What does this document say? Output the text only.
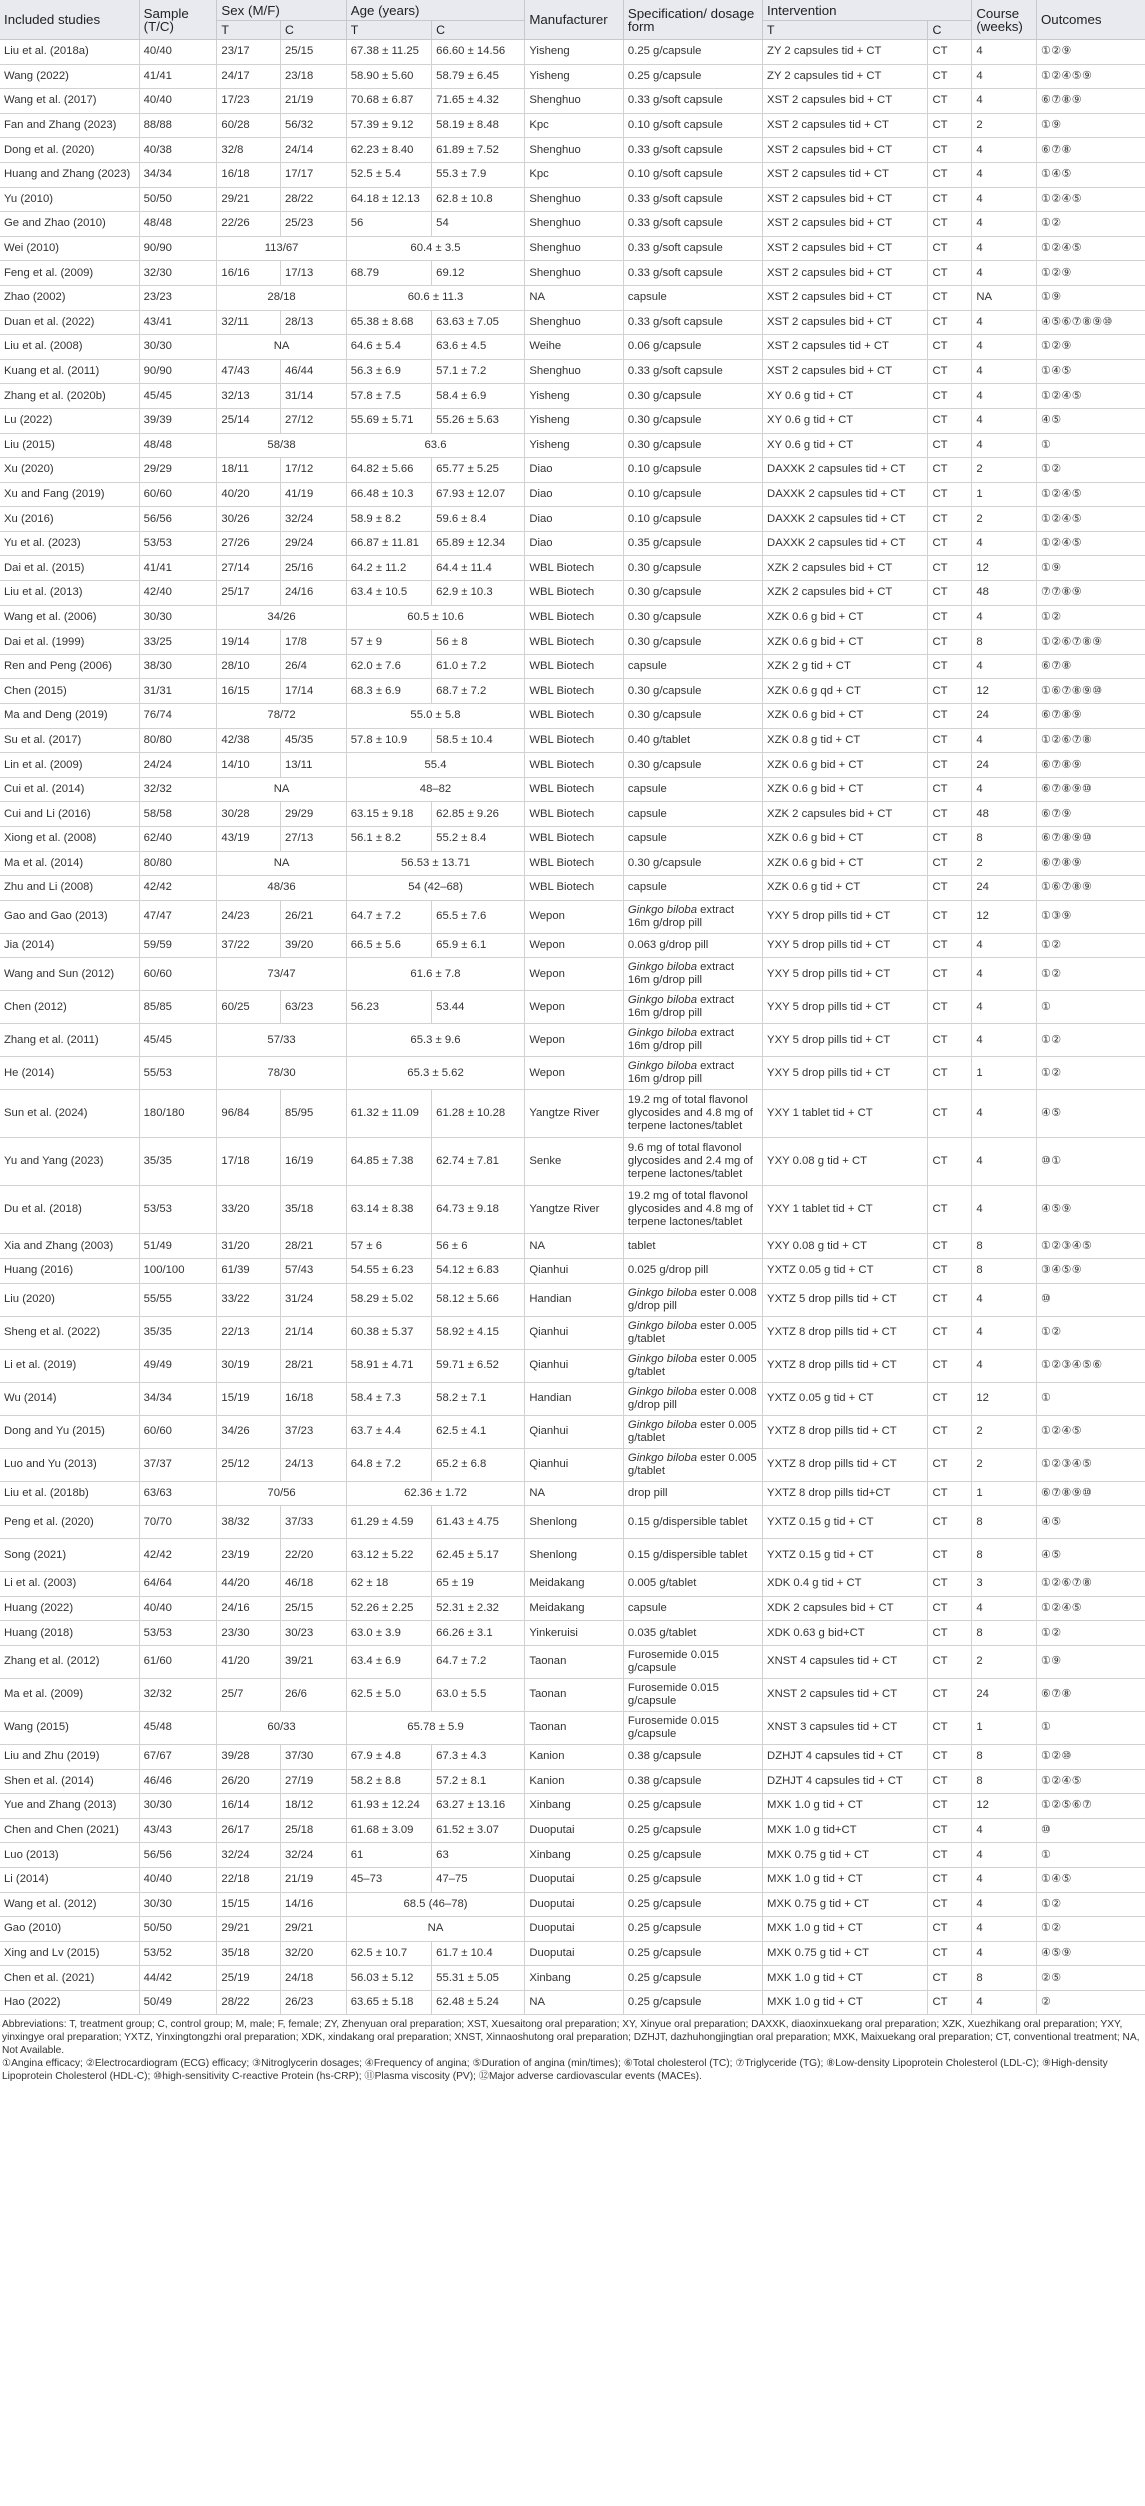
Included studies	Sample (T/C)	Sex (M/F)		Age (years)		Manufacturer	Specification/ dosage form	Intervention		Course (weeks)	Outcomes
		T	C	T	C			T	C		
Liu et al. (2018a)	40/40	23/17	25/15	67.38 ± 11.25	66.60 ± 14.56	Yisheng	0.25 g/capsule	ZY 2 capsules tid + CT	CT	4	①②⑨
Wang (2022)	41/41	24/17	23/18	58.90 ± 5.60	58.79 ± 6.45	Yisheng	0.25 g/capsule	ZY 2 capsules tid + CT	CT	4	①②④⑤⑨
Wang et al. (2017)	40/40	17/23	21/19	70.68 ± 6.87	71.65 ± 4.32	Shenghuo	0.33 g/soft capsule	XST 2 capsules bid + CT	CT	4	⑥⑦⑧⑨
Fan and Zhang (2023)	88/88	60/28	56/32	57.39 ± 9.12	58.19 ± 8.48	Kpc	0.10 g/soft capsule	XST 2 capsules tid + CT	CT	2	①⑨
Dong et al. (2020)	40/38	32/8	24/14	62.23 ± 8.40	61.89 ± 7.52	Shenghuo	0.33 g/soft capsule	XST 2 capsules bid + CT	CT	4	⑥⑦⑧
Huang and Zhang (2023)	34/34	16/18	17/17	52.5 ± 5.4	55.3 ± 7.9	Kpc	0.10 g/soft capsule	XST 2 capsules tid + CT	CT	4	①④⑤
Yu (2010)	50/50	29/21	28/22	64.18 ± 12.13	62.8 ± 10.8	Shenghuo	0.33 g/soft capsule	XST 2 capsules bid + CT	CT	4	①②④⑤
Ge and Zhao (2010)	48/48	22/26	25/23	56	54	Shenghuo	0.33 g/soft capsule	XST 2 capsules bid + CT	CT	4	①②
Wei (2010)	90/90	113/67		60.4 ± 3.5		Shenghuo	0.33 g/soft capsule	XST 2 capsules bid + CT	CT	4	①②④⑤
Feng et al. (2009)	32/30	16/16	17/13	68.79	69.12	Shenghuo	0.33 g/soft capsule	XST 2 capsules bid + CT	CT	4	①②⑨
Zhao (2002)	23/23	28/18		60.6 ± 11.3		NA	capsule	XST 2 capsules bid + CT	CT	NA	①⑨
Duan et al. (2022)	43/41	32/11	28/13	65.38 ± 8.68	63.63 ± 7.05	Shenghuo	0.33 g/soft capsule	XST 2 capsules bid + CT	CT	4	④⑤⑥⑦⑧⑨⑩
Liu et al. (2008)	30/30	NA		64.6 ± 5.4	63.6 ± 4.5	Weihe	0.06 g/capsule	XST 2 capsules tid + CT	CT	4	①②⑨
Kuang et al. (2011)	90/90	47/43	46/44	56.3 ± 6.9	57.1 ± 7.2	Shenghuo	0.33 g/soft capsule	XST 2 capsules bid + CT	CT	4	①④⑤
Zhang et al. (2020b)	45/45	32/13	31/14	57.8 ± 7.5	58.4 ± 6.9	Yisheng	0.30 g/capsule	XY 0.6 g tid + CT	CT	4	①②④⑤
Lu (2022)	39/39	25/14	27/12	55.69 ± 5.71	55.26 ± 5.63	Yisheng	0.30 g/capsule	XY 0.6 g tid + CT	CT	4	④⑤
Liu (2015)	48/48	58/38		63.6		Yisheng	0.30 g/capsule	XY 0.6 g tid + CT	CT	4	①
Xu (2020)	29/29	18/11	17/12	64.82 ± 5.66	65.77 ± 5.25	Diao	0.10 g/capsule	DAXXK 2 capsules tid + CT	CT	2	①②
Xu and Fang (2019)	60/60	40/20	41/19	66.48 ± 10.3	67.93 ± 12.07	Diao	0.10 g/capsule	DAXXK 2 capsules tid + CT	CT	1	①②④⑤
Xu (2016)	56/56	30/26	32/24	58.9 ± 8.2	59.6 ± 8.4	Diao	0.10 g/capsule	DAXXK 2 capsules tid + CT	CT	2	①②④⑤
Yu et al. (2023)	53/53	27/26	29/24	66.87 ± 11.81	65.89 ± 12.34	Diao	0.35 g/capsule	DAXXK 2 capsules tid + CT	CT	4	①②④⑤
Dai et al. (2015)	41/41	27/14	25/16	64.2 ± 11.2	64.4 ± 11.4	WBL Biotech	0.30 g/capsule	XZK 2 capsules bid + CT	CT	12	①⑨
Liu et al. (2013)	42/40	25/17	24/16	63.4 ± 10.5	62.9 ± 10.3	WBL Biotech	0.30 g/capsule	XZK 2 capsules bid + CT	CT	48	⑦⑦⑧⑨
Wang et al. (2006)	30/30	34/26		60.5 ± 10.6		WBL Biotech	0.30 g/capsule	XZK 0.6 g bid + CT	CT	4	①②
Dai et al. (1999)	33/25	19/14	17/8	57 ± 9	56 ± 8	WBL Biotech	0.30 g/capsule	XZK 0.6 g bid + CT	CT	8	①②⑥⑦⑧⑨
Ren and Peng (2006)	38/30	28/10	26/4	62.0 ± 7.6	61.0 ± 7.2	WBL Biotech	capsule	XZK 2 g tid + CT	CT	4	⑥⑦⑧
Chen (2015)	31/31	16/15	17/14	68.3 ± 6.9	68.7 ± 7.2	WBL Biotech	0.30 g/capsule	XZK 0.6 g qd + CT	CT	12	①⑥⑦⑧⑨⑩
Ma and Deng (2019)	76/74	78/72		55.0 ± 5.8		WBL Biotech	0.30 g/capsule	XZK 0.6 g bid + CT	CT	24	⑥⑦⑧⑨
Su et al. (2017)	80/80	42/38	45/35	57.8 ± 10.9	58.5 ± 10.4	WBL Biotech	0.40 g/tablet	XZK 0.8 g tid + CT	CT	4	①②⑥⑦⑧
Lin et al. (2009)	24/24	14/10	13/11	55.4		WBL Biotech	0.30 g/capsule	XZK 0.6 g bid + CT	CT	24	⑥⑦⑧⑨
Cui et al. (2014)	32/32	NA		48–82		WBL Biotech	capsule	XZK 0.6 g bid + CT	CT	4	⑥⑦⑧⑨⑩
Cui and Li (2016)	58/58	30/28	29/29	63.15 ± 9.18	62.85 ± 9.26	WBL Biotech	capsule	XZK 2 capsules bid + CT	CT	48	⑥⑦⑨
Xiong et al. (2008)	62/40	43/19	27/13	56.1 ± 8.2	55.2 ± 8.4	WBL Biotech	capsule	XZK 0.6 g bid + CT	CT	8	⑥⑦⑧⑨⑩
Ma et al. (2014)	80/80	NA		56.53 ± 13.71		WBL Biotech	0.30 g/capsule	XZK 0.6 g bid + CT	CT	2	⑥⑦⑧⑨
Zhu and Li (2008)	42/42	48/36		54 (42–68)		WBL Biotech	capsule	XZK 0.6 g tid + CT	CT	24	①⑥⑦⑧⑨
Gao and Gao (2013)	47/47	24/23	26/21	64.7 ± 7.2	65.5 ± 7.6	Wepon	Ginkgo biloba extract 16m g/drop pill	YXY 5 drop pills tid + CT	CT	12	①③⑨
Jia (2014)	59/59	37/22	39/20	66.5 ± 5.6	65.9 ± 6.1	Wepon	0.063 g/drop pill	YXY 5 drop pills tid + CT	CT	4	①②
Wang and Sun (2012)	60/60	73/47		61.6 ± 7.8		Wepon	Ginkgo biloba extract 16m g/drop pill	YXY 5 drop pills tid + CT	CT	4	①②
Chen (2012)	85/85	60/25	63/23	56.23	53.44	Wepon	Ginkgo biloba extract 16m g/drop pill	YXY 5 drop pills tid + CT	CT	4	①
Zhang et al. (2011)	45/45	57/33		65.3 ± 9.6		Wepon	Ginkgo biloba extract 16m g/drop pill	YXY 5 drop pills tid + CT	CT	4	①②
He (2014)	55/53	78/30		65.3 ± 5.62		Wepon	Ginkgo biloba extract 16m g/drop pill	YXY 5 drop pills tid + CT	CT	1	①②
Sun et al. (2024)	180/180	96/84	85/95	61.32 ± 11.09	61.28 ± 10.28	Yangtze River	19.2 mg of total flavonol glycosides and 4.8 mg of terpene lactones/tablet	YXY 1 tablet tid + CT	CT	4	④⑤
Yu and Yang (2023)	35/35	17/18	16/19	64.85 ± 7.38	62.74 ± 7.81	Senke	9.6 mg of total flavonol glycosides and 2.4 mg of terpene lactones/tablet	YXY 0.08 g tid + CT	CT	4	⑩①
Du et al. (2018)	53/53	33/20	35/18	63.14 ± 8.38	64.73 ± 9.18	Yangtze River	19.2 mg of total flavonol glycosides and 4.8 mg of terpene lactones/tablet	YXY 1 tablet tid + CT	CT	4	④⑤⑨
Xia and Zhang (2003)	51/49	31/20	28/21	57 ± 6	56 ± 6	NA	tablet	YXY 0.08 g tid + CT	CT	8	①②③④⑤
Huang (2016)	100/100	61/39	57/43	54.55 ± 6.23	54.12 ± 6.83	Qianhui	0.025 g/drop pill	YXTZ 0.05 g tid + CT	CT	8	③④⑤⑨
Liu (2020)	55/55	33/22	31/24	58.29 ± 5.02	58.12 ± 5.66	Handian	Ginkgo biloba ester 0.008 g/drop pill	YXTZ 5 drop pills tid + CT	CT	4	⑩
Sheng et al. (2022)	35/35	22/13	21/14	60.38 ± 5.37	58.92 ± 4.15	Qianhui	Ginkgo biloba ester 0.005 g/tablet	YXTZ 8 drop pills tid + CT	CT	4	①②
Li et al. (2019)	49/49	30/19	28/21	58.91 ± 4.71	59.71 ± 6.52	Qianhui	Ginkgo biloba ester 0.005 g/tablet	YXTZ 8 drop pills tid + CT	CT	4	①②③④⑤⑥
Wu (2014)	34/34	15/19	16/18	58.4 ± 7.3	58.2 ± 7.1	Handian	Ginkgo biloba ester 0.008 g/drop pill	YXTZ 0.05 g tid + CT	CT	12	①
Dong and Yu (2015)	60/60	34/26	37/23	63.7 ± 4.4	62.5 ± 4.1	Qianhui	Ginkgo biloba ester 0.005 g/tablet	YXTZ 8 drop pills tid + CT	CT	2	①②④⑤
Luo and Yu (2013)	37/37	25/12	24/13	64.8 ± 7.2	65.2 ± 6.8	Qianhui	Ginkgo biloba ester 0.005 g/tablet	YXTZ 8 drop pills tid + CT	CT	2	①②③④⑤
Liu et al. (2018b)	63/63	70/56		62.36 ± 1.72		NA	drop pill	YXTZ 8 drop pills tid+CT	CT	1	⑥⑦⑧⑨⑩
Peng et al. (2020)	70/70	38/32	37/33	61.29 ± 4.59	61.43 ± 4.75	Shenlong	0.15 g/dispersible tablet	YXTZ 0.15 g tid + CT	CT	8	④⑤
Song (2021)	42/42	23/19	22/20	63.12 ± 5.22	62.45 ± 5.17	Shenlong	0.15 g/dispersible tablet	YXTZ 0.15 g tid + CT	CT	8	④⑤
Li et al. (2003)	64/64	44/20	46/18	62 ± 18	65 ± 19	Meidakang	0.005 g/tablet	XDK 0.4 g tid + CT	CT	3	①②⑥⑦⑧
Huang (2022)	40/40	24/16	25/15	52.26 ± 2.25	52.31 ± 2.32	Meidakang	capsule	XDK 2 capsules bid + CT	CT	4	①②④⑤
Huang (2018)	53/53	23/30	30/23	63.0 ± 3.9	66.26 ± 3.1	Yinkeruisi	0.035 g/tablet	XDK 0.63 g bid+CT	CT	8	①②
Zhang et al. (2012)	61/60	41/20	39/21	63.4 ± 6.9	64.7 ± 7.2	Taonan	Furosemide 0.015 g/capsule	XNST 4 capsules tid + CT	CT	2	①⑨
Ma et al. (2009)	32/32	25/7	26/6	62.5 ± 5.0	63.0 ± 5.5	Taonan	Furosemide 0.015 g/capsule	XNST 2 capsules tid + CT	CT	24	⑥⑦⑧
Wang (2015)	45/48	60/33		65.78 ± 5.9		Taonan	Furosemide 0.015 g/capsule	XNST 3 capsules tid + CT	CT	1	①
Liu and Zhu (2019)	67/67	39/28	37/30	67.9 ± 4.8	67.3 ± 4.3	Kanion	0.38 g/capsule	DZHJT 4 capsules tid + CT	CT	8	①②⑩
Shen et al. (2014)	46/46	26/20	27/19	58.2 ± 8.8	57.2 ± 8.1	Kanion	0.38 g/capsule	DZHJT 4 capsules tid + CT	CT	8	①②④⑤
Yue and Zhang (2013)	30/30	16/14	18/12	61.93 ± 12.24	63.27 ± 13.16	Xinbang	0.25 g/capsule	MXK 1.0 g tid + CT	CT	12	①②⑤⑥⑦
Chen and Chen (2021)	43/43	26/17	25/18	61.68 ± 3.09	61.52 ± 3.07	Duoputai	0.25 g/capsule	MXK 1.0 g tid+CT	CT	4	⑩
Luo (2013)	56/56	32/24	32/24	61	63	Xinbang	0.25 g/capsule	MXK 0.75 g tid + CT	CT	4	①
Li (2014)	40/40	22/18	21/19	45–73	47–75	Duoputai	0.25 g/capsule	MXK 1.0 g tid + CT	CT	4	①④⑤
Wang et al. (2012)	30/30	15/15	14/16	68.5 (46–78)		Duoputai	0.25 g/capsule	MXK 0.75 g tid + CT	CT	4	①②
Gao (2010)	50/50	29/21	29/21	NA		Duoputai	0.25 g/capsule	MXK 1.0 g tid + CT	CT	4	①②
Xing and Lv (2015)	53/52	35/18	32/20	62.5 ± 10.7	61.7 ± 10.4	Duoputai	0.25 g/capsule	MXK 0.75 g tid + CT	CT	4	④⑤⑨
Chen et al. (2021)	44/42	25/19	24/18	56.03 ± 5.12	55.31 ± 5.05	Xinbang	0.25 g/capsule	MXK 1.0 g tid + CT	CT	8	②⑤
Hao (2022)	50/49	28/22	26/23	63.65 ± 5.18	62.48 ± 5.24	NA	0.25 g/capsule	MXK 1.0 g tid + CT	CT	4	②

Abbreviations: T, treatment group; C, control group; M, male; F, female; ZY, Zhenyuan oral preparation; XST, Xuesaitong oral preparation; XY, Xinyue oral preparation; DAXXK, diaoxinxuekang oral preparation; XZK, Xuezhikang oral preparation; YXY, yinxingye oral preparation; YXTZ, Yinxingtongzhi oral preparation; XDK, xindakang oral preparation; XNST, Xinnaoshutong oral preparation; DZHJT, dazhuhongjingtian oral preparation; MXK, Maixuekang oral preparation; CT, conventional treatment; NA, Not Available.

①Angina efficacy; ②Electrocardiogram (ECG) efficacy; ③Nitroglycerin dosages; ④Frequency of angina; ⑤Duration of angina (min/times); ⑥Total cholesterol (TC); ⑦Triglyceride (TG); ⑧Low-density Lipoprotein Cholesterol (LDL-C); ⑨High-density Lipoprotein Cholesterol (HDL-C); ⑩high-sensitivity C-reactive Protein (hs-CRP); ⑪Plasma viscosity (PV); ⑫Major adverse cardiovascular events (MACEs).
